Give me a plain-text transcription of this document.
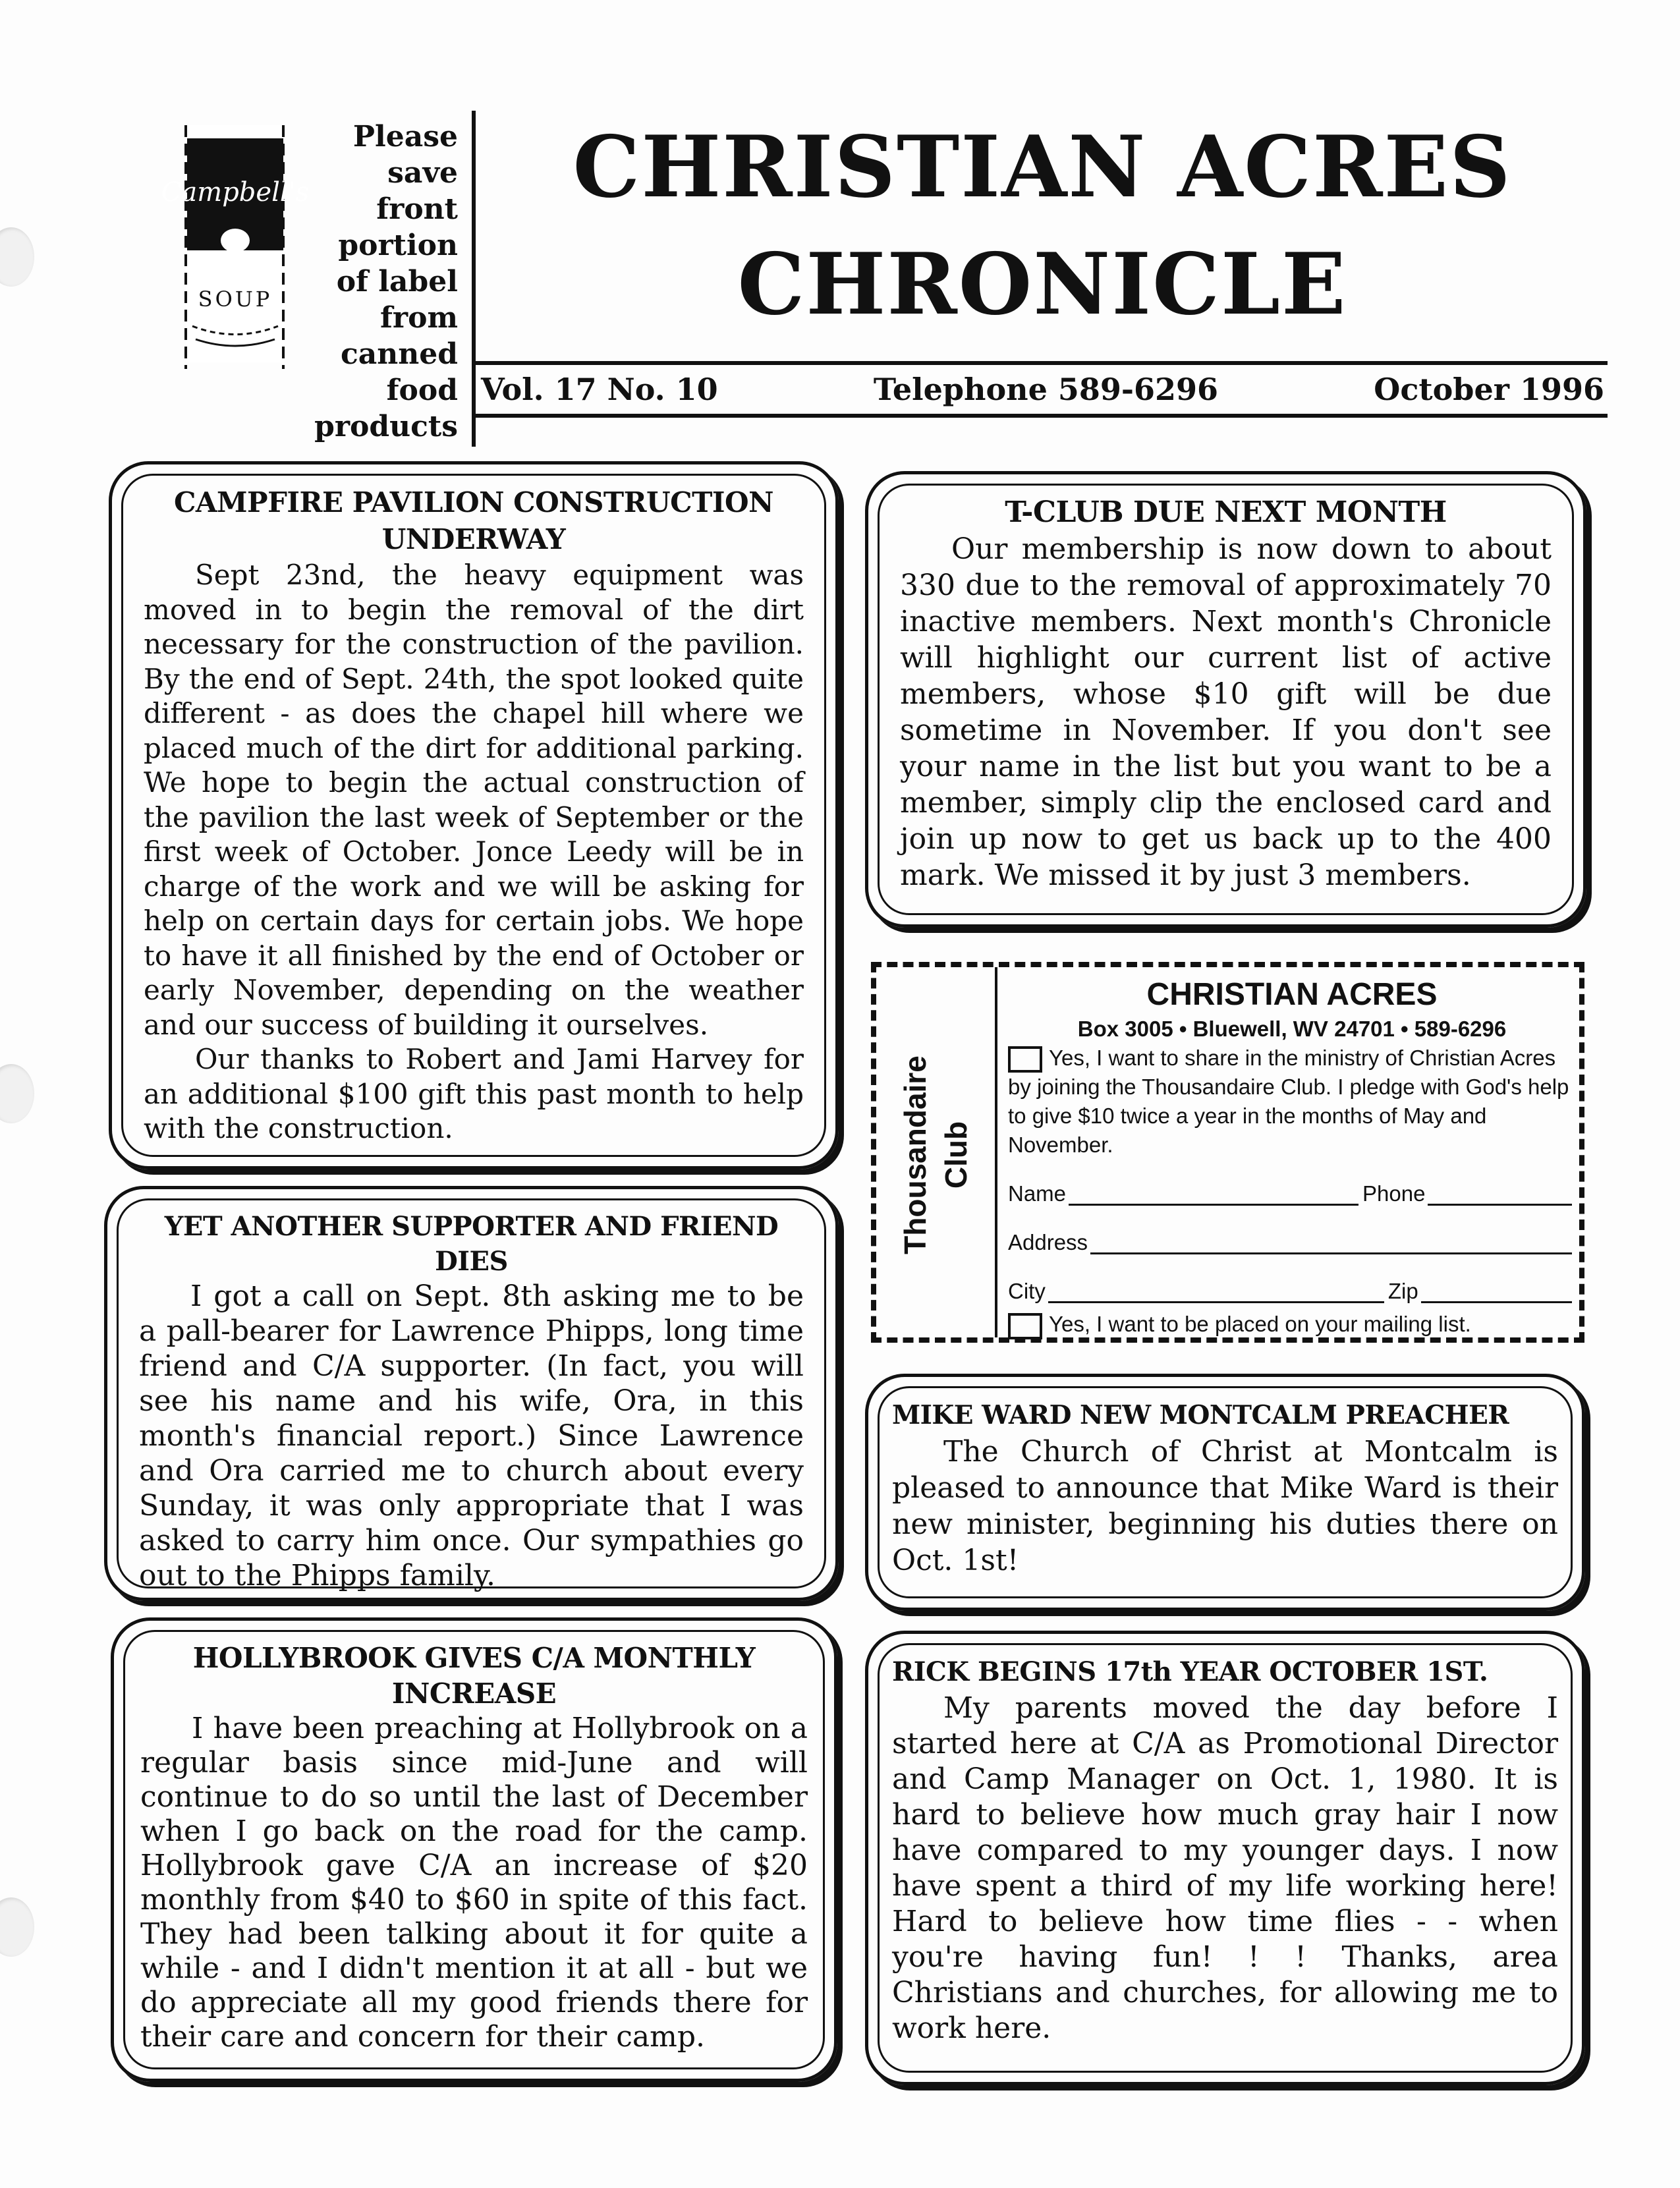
Campbell's
SOUP
Please
save
front
portion
of label
from
canned
food
products
CHRISTIAN ACRES
CHRONICLE
Vol. 17 No. 10	Telephone 589-6296	October 1996
CAMPFIRE PAVILION CONSTRUCTION UNDERWAY

Sept 23nd, the heavy equipment was moved in to begin the removal of the dirt necessary for the construction of the pavilion. By the end of Sept. 24th, the spot looked quite different - as does the chapel hill where we placed much of the dirt for additional parking. We hope to begin the actual construction of the pavilion the last week of September or the first week of October. Jonce Leedy will be in charge of the work and we will be asking for help on certain days for certain jobs. We hope to have it all finished by the end of October or early November, depending on the weather and our success of building it ourselves.

Our thanks to Robert and Jami Harvey for an additional $100 gift this past month to help with the construction.

T-CLUB DUE NEXT MONTH

Our membership is now down to about 330 due to the removal of approximately 70 inactive members. Next month's Chronicle will highlight our current list of active members, whose $10 gift will be due sometime in November. If you don't see your name in the list but you want to be a member, simply clip the enclosed card and join up now to get us back up to the 400 mark. We missed it by just 3 members.

Thousandaire Club
CHRISTIAN ACRES
Box 3005 • Bluewell, WV 24701 • 589-6296
Yes, I want to share in the ministry of Christian Acres by joining the Thousandaire Club. I pledge with God's help to give $10 twice a year in the months of May and November.
Name	Phone
Address
City	Zip
Yes, I want to be placed on your mailing list.
YET ANOTHER SUPPORTER AND FRIEND DIES

I got a call on Sept. 8th asking me to be a pall-bearer for Lawrence Phipps, long time friend and C/A supporter. (In fact, you will see his name and his wife, Ora, in this month's financial report.) Since Lawrence and Ora carried me to church about every Sunday, it was only appropriate that I was asked to carry him once. Our sympathies go out to the Phipps family.

MIKE WARD NEW MONTCALM PREACHER

The Church of Christ at Montcalm is pleased to announce that Mike Ward is their new minister, beginning his duties there on Oct. 1st!

HOLLYBROOK GIVES C/A MONTHLY INCREASE

I have been preaching at Hollybrook on a regular basis since mid-June and will continue to do so until the last of December when I go back on the road for the camp. Hollybrook gave C/A an increase of $20 monthly from $40 to $60 in spite of this fact. They had been talking about it for quite a while - and I didn't mention it at all - but we do appreciate all my good friends there for their care and concern for their camp.

RICK BEGINS 17th YEAR OCTOBER 1ST.

My parents moved the day before I started here at C/A as Promotional Director and Camp Manager on Oct. 1, 1980. It is hard to believe how much gray hair I now have compared to my younger days. I now have spent a third of my life working here! Hard to believe how time flies - - when you're having fun! ! ! Thanks, area Christians and churches, for allowing me to work here.
